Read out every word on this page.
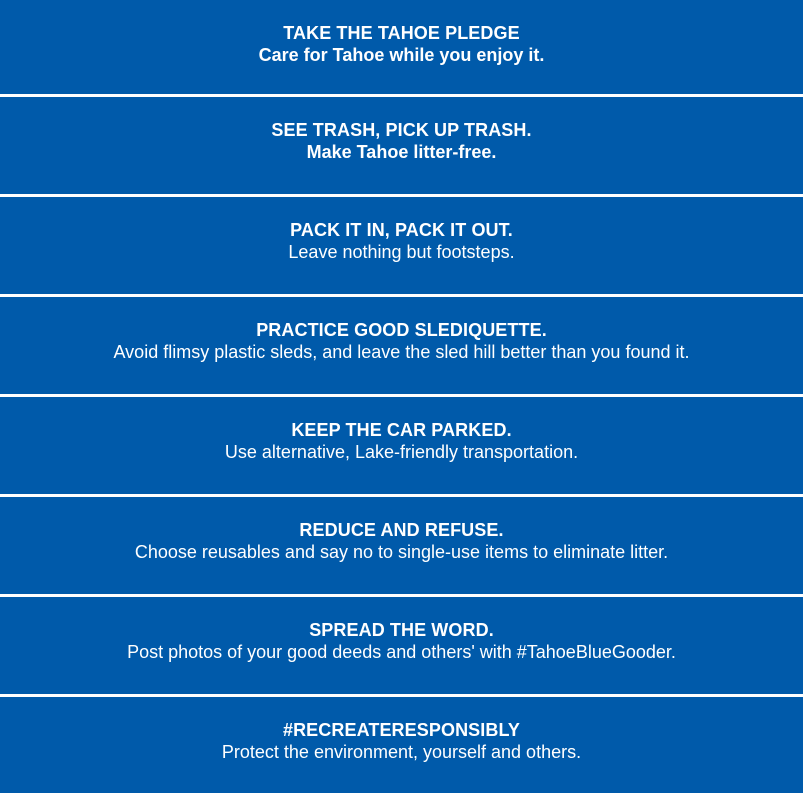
TAKE THE TAHOE PLEDGE
Care for Tahoe while you enjoy it.
SEE TRASH, PICK UP TRASH.
Make Tahoe litter-free.
PACK IT IN, PACK IT OUT.
Leave nothing but footsteps.
PRACTICE GOOD SLEDIQUETTE.
Avoid flimsy plastic sleds, and leave the sled hill better than you found it.
KEEP THE CAR PARKED.
Use alternative, Lake-friendly transportation.
REDUCE AND REFUSE.
Choose reusables and say no to single-use items to eliminate litter.
SPREAD THE WORD.
Post photos of your good deeds and others' with #TahoeBlueGooder.
#RECREATERESPONSIBLY
Protect the environment, yourself and others.
